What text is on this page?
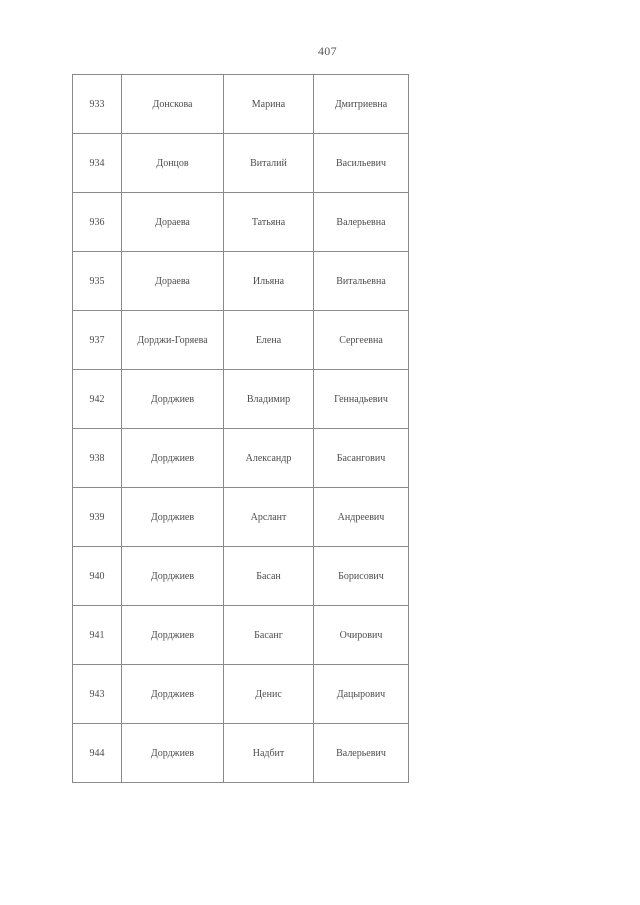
407
933	Донскова	Марина	Дмитриевна
934	Донцов	Виталий	Васильевич
936	Дораева	Татьяна	Валерьевна
935	Дораева	Ильяна	Витальевна
937	Дорджи-Горяева	Елена	Сергеевна
942	Дорджиев	Владимир	Геннадьевич
938	Дорджиев	Александр	Басангович
939	Дорджиев	Арслант	Андреевич
940	Дорджиев	Басан	Борисович
941	Дорджиев	Басанг	Очирович
943	Дорджиев	Денис	Дацырович
944	Дорджиев	Надбит	Валерьевич
